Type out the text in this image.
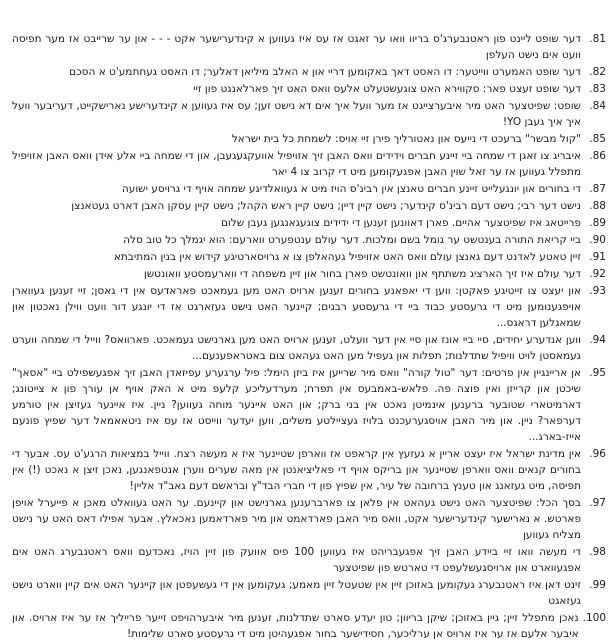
81.
דער שופט ליינט פון ראטנבערג'ס בריוו וואו ער זאגט אז עס איז געווען א קינדערישער אקט - - - און ער שרייבט אז מער תפיסה וועט אים נישט העלפן
82.
דער שופט האמערט ווייטער: דו האסט דאך באקומען דריי און א האלב מיליאן דאלער; דו האסט געחתמע'ט א הסכם
83.
דער שופט זעצט פאר: סקווירא האט צוגעשטעלט אלעס וואס האט זיך פארלאנגט פון זיי
84.
שופט: שפיטצער האט מיר איבערצייגט אז מער וועל איך אים דא נישט זען; עס איז געווען א קינדערישע נארישקייט, דעריבער וועל איך איך געבן YO!
85.
"קול מבשר" ברעכט די נייעס און נאטורליך פירן זיי אויס: לשמחת כל בית ישראל
86.
איבריג צו זאגן די שמחה ביי זיינע חברים וידידים וואס האבן זיך אזויפיל אוועקגעגעבן, און די שמחה ביי אלע אידן וואס האבן אזויפיל מתפלל געווען אז ער זאל שוין האבן אפגעקומען מיט די קרוב צו 4 יאר
87.
די בחורים און יונגעלייט זיינע חברים טאנצן אין רבינ'ס הויז מיט א געוואלדיגע שמחה אויף די גרויסע ישועה
88.
נישט דער רבי; נישט דעם רבינ'ס קינדער; נישט קיין דיין; נישט קיין ראש הקהל; נישט קיין עסקן האבן דארט געטאנצן
89.
פרייטאג איז שפיטצער אהיים. פארן דאוונען זענען די ידידים צוגעגאנגען געבן שלום
90.
ביי קריאת התורה בענטשט ער גומל בשם ומלכות. דער עולם ענטפערט ווארעם: הוא יגמלך כל טוב סלה
91.
זיין טאטע לאדנט דעם גאנצן עולם וואס האט אזויפיל געהאלפן צו א גרויסארטיגע קידוש אין בנין המתיבתא
92.
דער עולם איז זיך הארציג משתתף און וואונטשט פארן בחור און זיין משפחה די ווארעמסטע וואונטשן
93.
און יעצט צו זייטיגע פאקטן: ווען די יאפאנע בחורים זענען ארויס האט מען געמאכט פאראדעס אין די גאסן; זיי זענען געווארן אויפגענומען מיט די גרעסטע כבוד ביי די גרעסטע רבנים; קיינער האט נישט געזארגט אז די יונגע דור וועט ווילן נאכטון און שמאגלען דראגס...
94.
ווען אנדערע יחידים, סיי ביי אונז און סיי אין דער וועלט, זענען ארויס האט מען גארנישט געמאכט. פארוואס? ווייל די שמחה ווערט געמאסטן לויט וויפיל שתדלנות; תפלות און געפיל מען האט געהאט צום באטראפענעם...
95.
אן אריינגיין אין פרטים: דער "טול קורה" וואס מיר שרייען איז ביזן הימל: פיל ערגערע עפיזאדן האבן זיך אפגעשפילט ביי "אסאך" שיכטן און קרייזן ואין פוצה פה. פלאש-באמבעס אין תפרח; מערדעליכע קלעפ מיט א האק אויף אן עורך פון א צייטונג; דארמיטארי שטובער ברענען אינמיטן נאכט אין בני ברק; און האט איינער מוחה געווען? ניין. איז איינער געזיצן אין טורמע דערפאר? ניין. און מיר האבן אויסגערעכנט בלויז געציילטע משלים, ווען יעדער ווייסט אז עס איז ניטאאמאל דער שפיץ פונעם אייז-בארג...
96.
אין מדינת ישראל איז יעצט אריין א געזעץ אין קראפט אז ווארפן שטיינער איז א מעשה רצח. ווייל במציאות הרגע'ט עס. אבער די בחורים קנאים וואס ווארפן שטיינער און בריקס אויף די פאליציאנטן אין מאה שערים ווערן אנטפאנגען, נאכן זיצן א נאכט (!) אין תפיסה, מיט געזאנג און טענץ ברחובה של עיר, אין שפיץ פון די חברי הבד"ץ ובראשם דעם גאב"ד אליין!
97.
בסך הכל: שפיטצער האט נישט געהאט אין פלאן צו פארברענען גארנישט און קיינעם. ער האט געוואלט מאכן א פייערל אויפן פארטש. א נארישער קינדערישער אקט, וואס מיר האבן פארדאמט און מיר פארדאמען נאכאלץ. אבער אפילו דאס האט ער נישט מצליח געווען
98.
די מעשה וואו זיי ביידע האבן זיך אפגעבריהט איז געווען 100 פיס אוועק פון זיין הויז, נאכדעם וואס ראטנבערג האט אים אפגעווארט און ארויסגעשלעפט די טארטש פון שפיטצער
99.
זינט דאן איז ראטנבערג געקומען באזוכן זיין אין שטעטל זיין מאמע; געקומען אין די געשעפטן און קיינער האט אים קיין ווארט נישט געזאגט
100.
נאכן מתפלל זיין; גיין באזוכן; שיקן בריוון; טון יעדע סארט שתדלנות, זענען מיר איבערהויפט זייער פרייליך אז ער איז ארויס. און איבער אלעם אז ער איז ארויס אן ערליכער, חסידישער בחור אפגעהיטן מיט די גרעסטע סארט שלימות!
